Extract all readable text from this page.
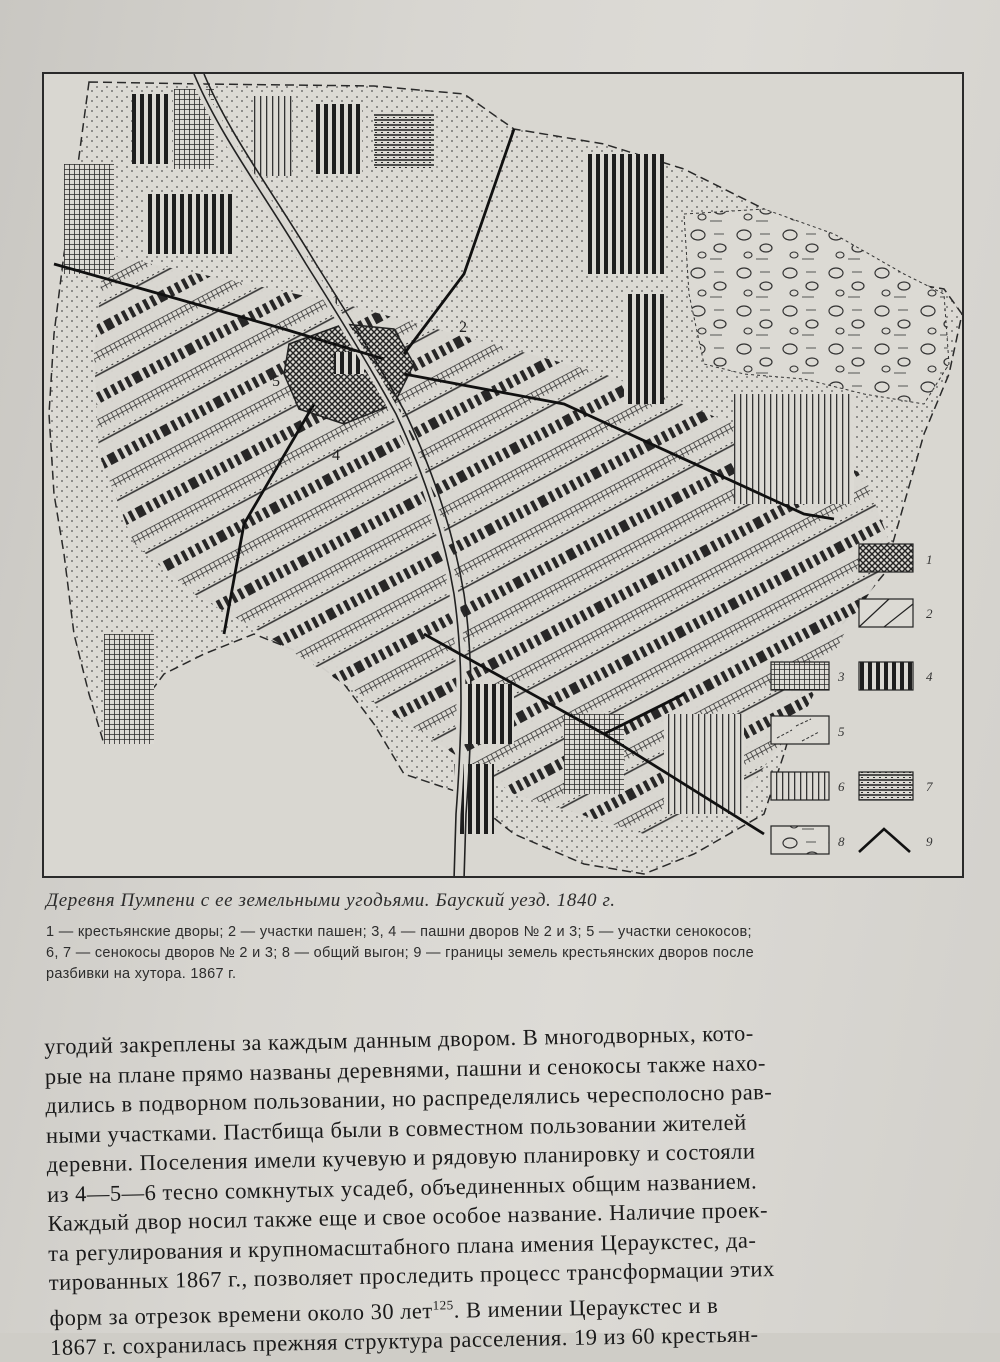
1
2
3
4
5
1
2
3	4
5
6	7
8	9
Деревня Пумпени с ее земельными угодьями. Бауский уезд. 1840 г.
1 — крестьянские дворы; 2 — участки пашен; 3, 4 — пашни дворов № 2 и 3; 5 — участки сенокосов;
6, 7 — сенокосы дворов № 2 и 3; 8 — общий выгон; 9 — границы земель крестьянских дворов после
разбивки на хутора. 1867 г.
угодий закреплены за каждым данным двором. В многодворных, кото-
рые на плане прямо названы деревнями, пашни и сенокосы также нахо-
дились в подворном пользовании, но распределялись чересполосно рав-
ными участками. Пастбища были в совместном пользовании жителей
деревни. Поселения имели кучевую и рядовую планировку и состояли
из 4—5—6 тесно сомкнутых усадеб, объединенных общим названием.
Каждый двор носил также еще и свое особое название. Наличие проек-
та регулирования и крупномасштабного плана имения Цераукстес, да-
тированных 1867 г., позволяет проследить процесс трансформации этих
форм за отрезок времени около 30 лет$^{125}$. В имении Цераукстес и в
1867 г. сохранилась прежняя структура расселения. 19 из 60 крестьян-
